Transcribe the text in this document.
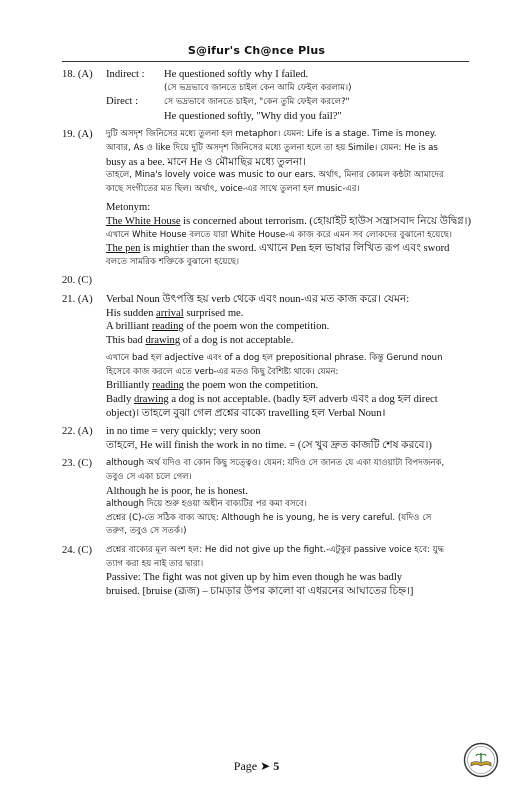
S@ifur's Ch@nce Plus
18. (A)	Indirect : He questioned softly why I failed.
(সে ভদ্রভাবে জানতে চাইল কেন আমি ফেইল করলাম।)
Direct :	সে ভদ্রভাবে জানতে চাইল, "কেন তুমি ফেইল করলে?"
He questioned softly, "Why did you fail?"
19. (A)	দুটি অসদৃশ জিনিসের মধ্যে তুলনা হল metaphor। যেমন: Life is a stage. Time is money.
আবার, As ও like দিয়ে দুটি অসদৃশ জিনিসের মধ্যে তুলনা হলে তা হয় Simile। যেমন: He is as
busy as a bee. মানে He ও মৌমাছির মধ্যে তুলনা।
তাহলে, Mina's lovely voice was music to our ears. অর্থাৎ, মিনার কোমল কন্ঠটা আমাদের
কাছে সংগীতের মত ছিল। অর্থাৎ, voice-এর সাথে তুলনা হল music-এর।
Metonym:
The White House is concerned about terrorism. (হোয়াইট হাউস সন্ত্রাসবাদ নিয়ে উদ্বিগ্ন।)
এখানে White House বলতে যারা White House-এ কাজ করে এমন সব লোকদের বুঝানো হয়েছে।
The pen is mightier than the sword. এখানে Pen হল ভাষার লিখিত রূপ এবং sword
বলতে সামরিক শক্তিকে বুঝানো হয়েছে।
20. (C)

21. (A)	Verbal Noun উৎপত্তি হয় verb থেকে এবং noun-এর মত কাজ করে। যেমন:
His sudden arrival surprised me.
A brilliant reading of the poem won the competition.
This bad drawing of a dog is not acceptable.
এখানে bad হল adjective এবং of a dog হল prepositional phrase. কিন্তু Gerund noun
হিসেবে কাজ করলে এতে verb-এর মতও কিছু বৈশিষ্ট্য থাকে। যেমন:
Brilliantly reading the poem won the competition.
Badly drawing a dog is not acceptable. (badly হল adverb এবং a dog হল direct
object)। তাহলে বুঝা গেল প্রশ্নের বাক্যে travelling হল Verbal Noun।
22. (A)	in no time = very quickly; very soon
তাহলে, He will finish the work in no time. = (সে খুব দ্রুত কাজটি শেষ করবে।)
23. (C)	although অর্থ যদিও বা কোন কিছু সত্ত্বেও। যেমন: যদিও সে জানত যে একা যাওয়াটা বিপদজনক,
তবুও সে একা চলে গেল।
Although he is poor, he is honest.
although দিয়ে শুরু হওয়া অধীন বাক্যটির পর কমা বসবে।
প্রশ্নের (C)-তে সঠিক বাক্য আছে: Although he is young, he is very careful. (যদিও সে
তরুণ, তবুও সে সতর্ক।)
24. (C)	প্রশ্নের বাক্যের মূল অংশ হল: He did not give up the fight.-এটুকুর passive voice হবে: যুদ্ধ
ত্যাগ করা হয় নাই তার দ্বারা।
Passive: The fight was not given up by him even though he was badly
bruised. [bruise (ব্রূজ) – চামড়ার উপর কালো বা এধরনের আঘাতের চিহ্ন।]
Page ➤ 5
